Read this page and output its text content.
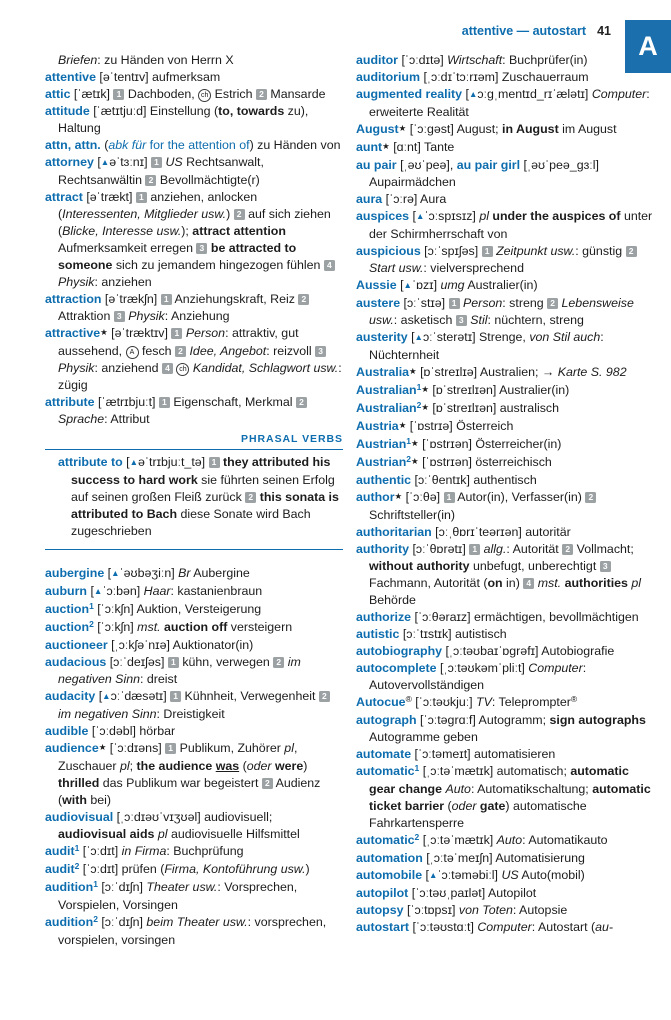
attentive — autostart 41	A

Briefen: zu Händen von Herrn X

attentive [əˈtentɪv] aufmerksam

attic [ˈætɪk] 1 Dachboden, ch Estrich 2 Mansarde

attitude [ˈætɪtjuːd] Einstellung (to, towards zu), Haltung

attn, attn. (abk für for the attention of) zu Händen von

attorney [▲əˈtɜːnɪ] 1 US Rechtsanwalt, Rechtsanwältin 2 Bevollmächtigte(r)

attract [əˈtrækt] 1 anziehen, anlocken (Interessenten, Mitglieder usw.) 2 auf sich ziehen (Blicke, Interesse usw.); attract attention Aufmerksamkeit erregen 3 be attracted to someone sich zu jemandem hingezogen fühlen 4 Physik: anziehen

attraction [əˈtrækʃn] 1 Anziehungskraft, Reiz 2 Attraktion 3 Physik: Anziehung

attractive★ [əˈtræktɪv] 1 Person: attraktiv, gut aussehend, A fesch 2 Idee, Angebot: reizvoll 3 Physik: anziehend 4 ch Kandidat, Schlagwort usw.: zügig

attribute [ˈætrɪbjuːt] 1 Eigenschaft, Merkmal 2 Sprache: Attribut

PHRASAL VERBS

attribute to [▲əˈtrɪbjuːt_tə] 1 they attributed his success to hard work sie führten seinen Erfolg auf seinen großen Fleiß zurück 2 this sonata is attributed to Bach diese Sonate wird Bach zugeschrieben

aubergine [▲ˈəʊbəʒiːn] Br Aubergine

auburn [▲ˈɔːbən] Haar: kastanienbraun

auction$^1$ [ˈɔːkʃn] Auktion, Versteigerung

auction$^2$ [ˈɔːkʃn] mst. auction off versteigern

auctioneer [ˌɔːkʃəˈnɪə] Auktionator(in)

audacious [ɔːˈdeɪʃəs] 1 kühn, verwegen 2 im negativen Sinn: dreist

audacity [▲ɔːˈdæsətɪ] 1 Kühnheit, Verwegenheit 2 im negativen Sinn: Dreistigkeit

audible [ˈɔːdəbl] hörbar

audience★ [ˈɔːdɪəns] 1 Publikum, Zuhörer pl, Zuschauer pl; the audience was (oder were) thrilled das Publikum war begeistert 2 Audienz (with bei)

audiovisual [ˌɔːdɪəʊˈvɪʒʊəl] audiovisuell; audiovisual aids pl audiovisuelle Hilfsmittel

audit$^1$ [ˈɔːdɪt] in Firma: Buchprüfung

audit$^2$ [ˈɔːdɪt] prüfen (Firma, Kontoführung usw.)

audition$^1$ [ɔːˈdɪʃn] Theater usw.: Vorsprechen, Vorspielen, Vorsingen

audition$^2$ [ɔːˈdɪʃn] beim Theater usw.: vorsprechen, vorspielen, vorsingen

auditor [ˈɔːdɪtə] Wirtschaft: Buchprüfer(in)

auditorium [ˌɔːdɪˈtɔːrɪəm] Zuschauerraum

augmented reality [▲ɔːgˌmentɪd_rɪˈælətɪ] Computer: erweiterte Realität

August★ [ˈɔːgəst] August; in August im August

aunt★ [ɑːnt] Tante

au pair [ˌəʊˈpeə], au pair girl [ˌəʊˈpeə_gɜːl] Aupairmädchen

aura [ˈɔːrə] Aura

auspices [▲ˈɔːspɪsɪz] pl under the auspices of unter der Schirmherrschaft von

auspicious [ɔːˈspɪʃəs] 1 Zeitpunkt usw.: günstig 2 Start usw.: vielversprechend

Aussie [▲ˈɒzɪ] umg Australier(in)

austere [ɔːˈstɪə] 1 Person: streng 2 Lebensweise usw.: asketisch 3 Stil: nüchtern, streng

austerity [▲ɔːˈsterətɪ] Strenge, von Stil auch: Nüchternheit

Australia★ [ɒˈstreɪlɪə] Australien; → Karte S. 982

Australian$^1$★ [ɒˈstreɪlɪən] Australier(in)

Australian$^2$★ [ɒˈstreɪlɪən] australisch

Austria★ [ˈɒstrɪə] Österreich

Austrian$^1$★ [ˈɒstrɪən] Österreicher(in)

Austrian$^2$★ [ˈɒstrɪən] österreichisch

authentic [ɔːˈθentɪk] authentisch

author★ [ˈɔːθə] 1 Autor(in), Verfasser(in) 2 Schriftsteller(in)

authoritarian [ɔːˌθɒrɪˈteərɪən] autoritär

authority [ɔːˈθɒrətɪ] 1 allg.: Autorität 2 Vollmacht; without authority unbefugt, unberechtigt 3 Fachmann, Autorität (on in) 4 mst. authorities pl Behörde

authorize [ˈɔːθəraɪz] ermächtigen, bevollmächtigen

autistic [ɔːˈtɪstɪk] autistisch

autobiography [ˌɔːtəʊbaɪˈɒgrəfɪ] Autobiografie

autocomplete [ˌɔːtəʊkəmˈpliːt] Computer: Autovervollständigen

Autocue® [ˈɔːtəʊkjuː] TV: Teleprompter®

autograph [ˈɔːtəgrɑːf] Autogramm; sign autographs Autogramme geben

automate [ˈɔːtəmeɪt] automatisieren

automatic$^1$ [ˌɔːtəˈmætɪk] automatisch; automatic gear change Auto: Automatikschaltung; automatic ticket barrier (oder gate) automatische Fahrkartensperre

automatic$^2$ [ˌɔːtəˈmætɪk] Auto: Automatikauto

automation [ˌɔːtəˈmeɪʃn] Automatisierung

automobile [▲ˈɔːtəməbiːl] US Auto(mobil)

autopilot [ˈɔːtəʊˌpaɪlət] Autopilot

autopsy [ˈɔːtɒpsɪ] von Toten: Autopsie

autostart [ˈɔːtəʊstɑːt] Computer: Autostart (au-
